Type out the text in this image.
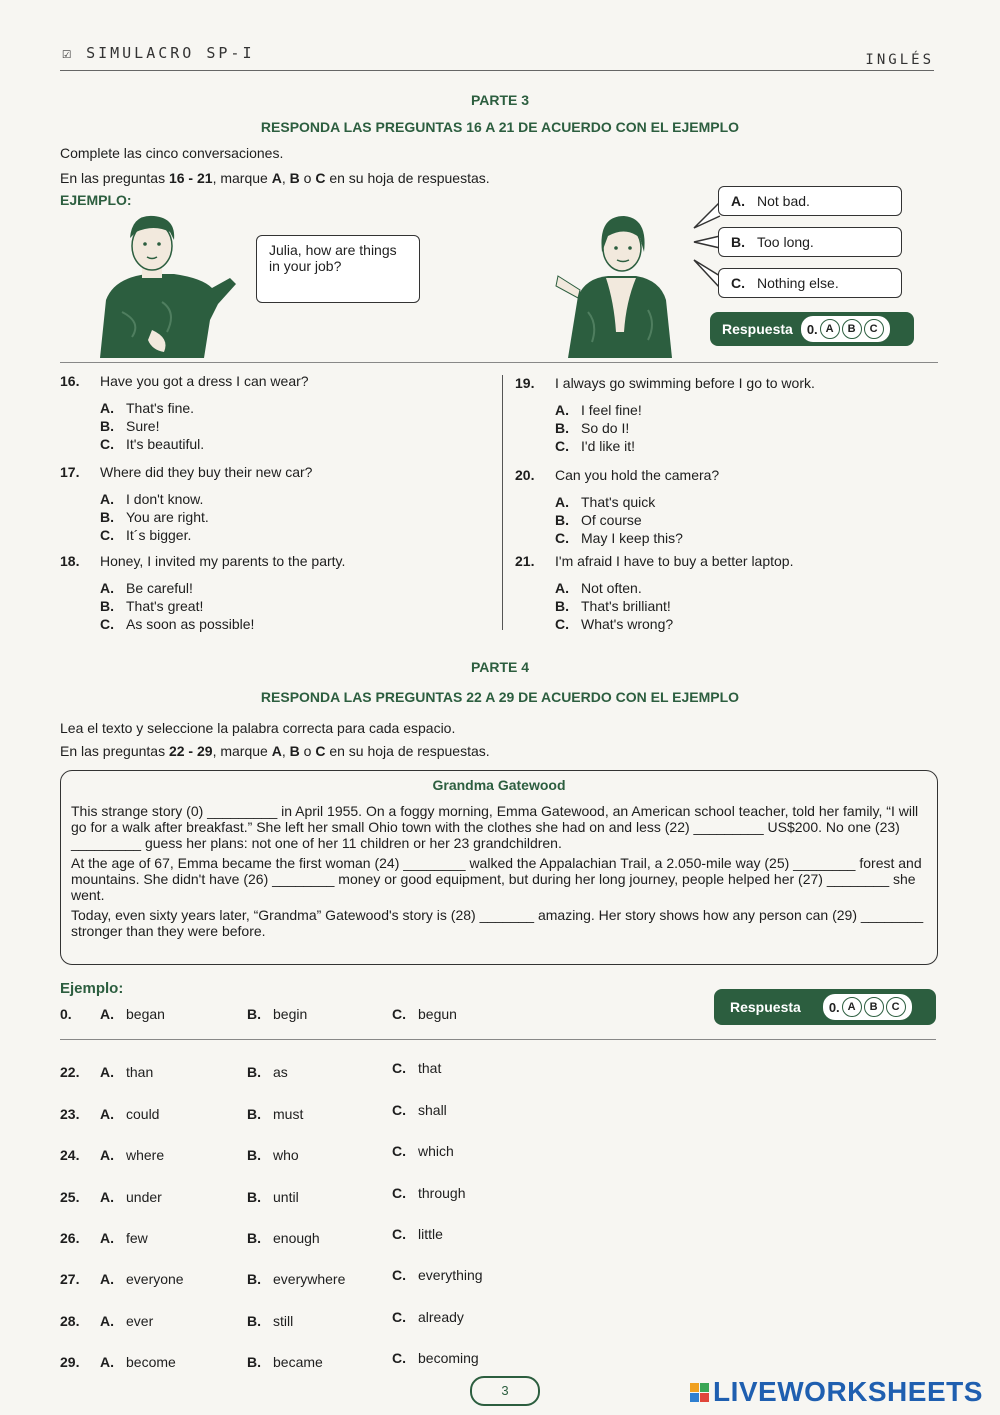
☑ SIMULACRO SP-I	INGLÉS
PARTE 3
RESPONDA LAS PREGUNTAS 16 A 21 DE ACUERDO CON EL EJEMPLO
Complete las cinco conversaciones.
En las preguntas 16 - 21, marque A, B o C en su hoja de respuestas.
EJEMPLO:
Julia, how are things in your job?
A. Not bad.
B. Too long.
C. Nothing else.
Respuesta 0. A	B	C
16. Have you got a dress I can wear?
A. That's fine.
B. Sure!
C. It's beautiful.
17. Where did they buy their new car?
A. I don't know.
B. You are right.
C. It´s bigger.
18. Honey, I invited my parents to the party.
A. Be careful!
B. That's great!
C. As soon as possible!
19. I always go swimming before I go to work.
A. I feel fine!
B. So do I!
C. I'd like it!
20. Can you hold the camera?
A. That's quick
B. Of course
C. May I keep this?
21. I'm afraid I have to buy a better laptop.
A. Not often.
B. That's brilliant!
C. What's wrong?
PARTE 4
RESPONDA LAS PREGUNTAS 22 A 29 DE ACUERDO CON EL EJEMPLO
Lea el texto y seleccione la palabra correcta para cada espacio.
En las preguntas 22 - 29, marque A, B o C en su hoja de respuestas.
Grandma Gatewood

This strange story (0) _________ in April 1955. On a foggy morning, Emma Gatewood, an American school teacher, told her family, “I will go for a walk after breakfast.” She left her small Ohio town with the clothes she had on and less (22) _________ US$200. No one (23) _________ guess her plans: not one of her 11 children or her 23 grandchildren.

At the age of 67, Emma became the first woman (24) ________ walked the Appalachian Trail, a 2.050-mile way (25) ________ forest and mountains. She didn't have (26) ________ money or good equipment, but during her long journey, people helped her (27) ________ she went.

Today, even sixty years later, “Grandma” Gatewood's story is (28) _______ amazing. Her story shows how any person can (29) ________ stronger than they were before.

Ejemplo:
0. A. began	B. begin	C. begun	Respuesta 0. A	B	C
22. A. than	B. as	C. that
23. A. could	B. must	C. shall
24. A. where	B. who	C. which
25. A. under	B. until	C. through
26. A. few	B. enough	C. little
27. A. everyone	B. everywhere	C. everything
28. A. ever	B. still	C. already
29. A. become	B. became	C. becoming
3	LIVEWORKSHEETS
